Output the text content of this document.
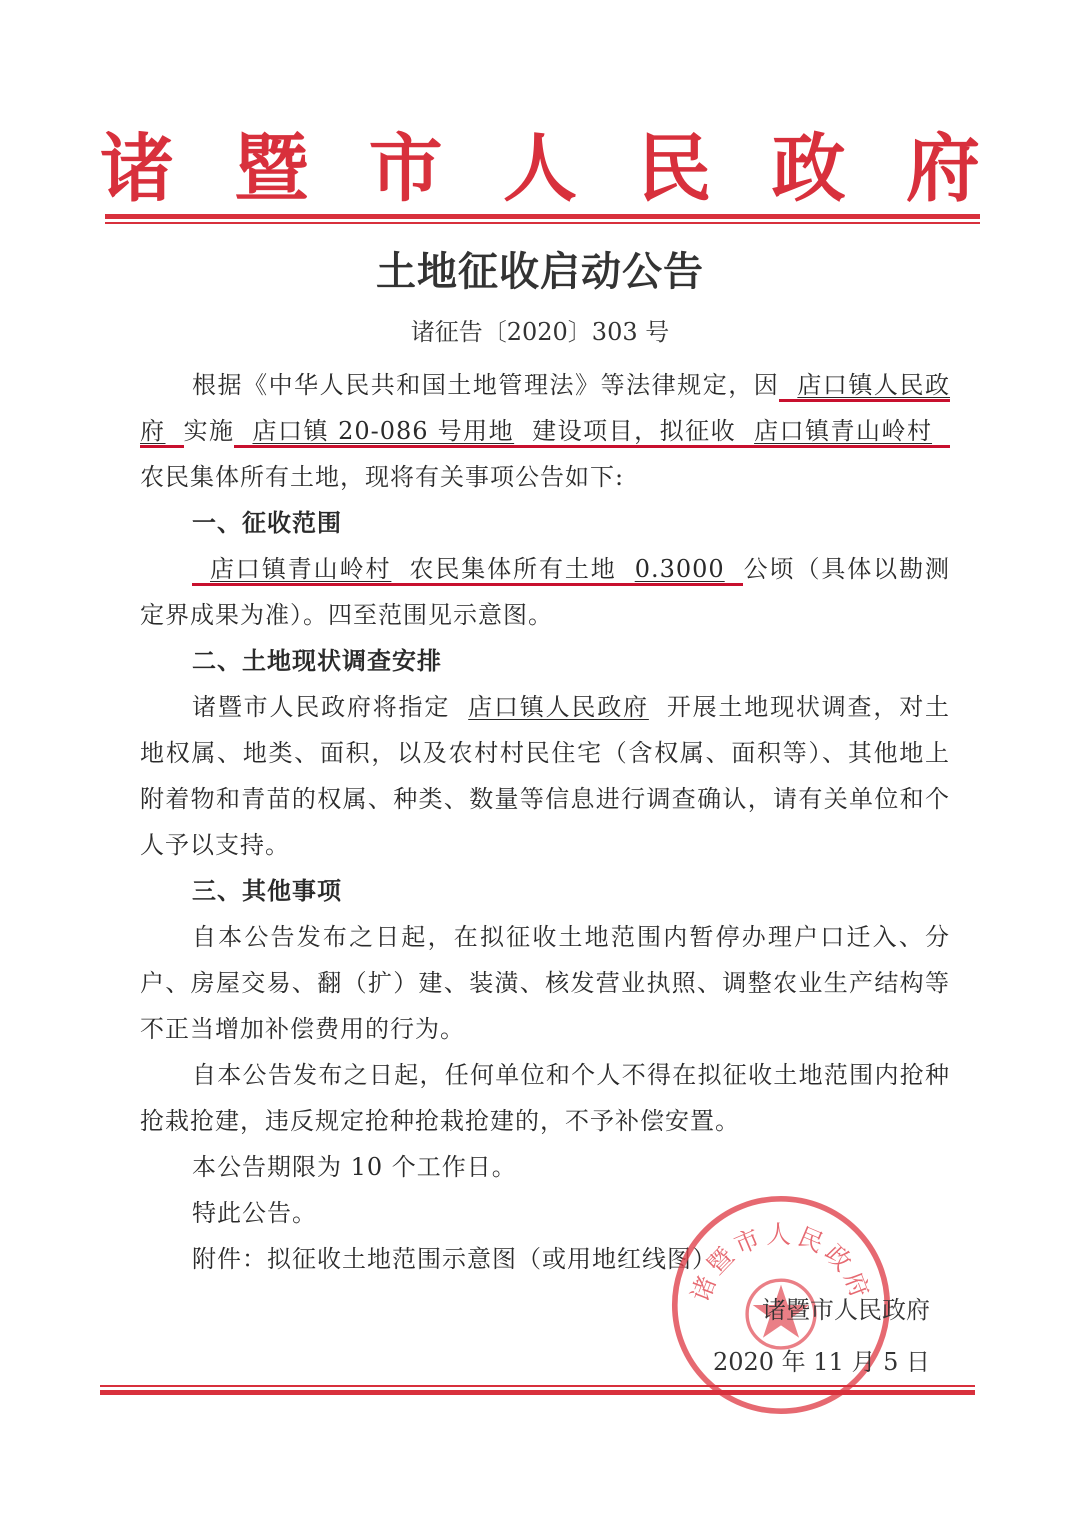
诸 暨 市 人 民 政 府
土地征收启动公告
诸征告〔2020〕303 号

根据《中华人民共和国土地管理法》等法律规定，因 店口镇人民政府 实施 店口镇 20-086 号用地 建设项目，拟征收 店口镇青山岭村农民集体所有土地，现将有关事项公告如下:

一、征收范围

店口镇青山岭村 农民集体所有土地 0.3000 公顷（具体以勘测定界成果为准）。四至范围见示意图。

二、土地现状调查安排

诸暨市人民政府将指定 店口镇人民政府 开展土地现状调查，对土地权属、地类、面积，以及农村村民住宅（含权属、面积等）、其他地上附着物和青苗的权属、种类、数量等信息进行调查确认，请有关单位和个人予以支持。

三、其他事项

自本公告发布之日起，在拟征收土地范围内暂停办理户口迁入、分户、房屋交易、翻（扩）建、装潢、核发营业执照、调整农业生产结构等不正当增加补偿费用的行为。

自本公告发布之日起，任何单位和个人不得在拟征收土地范围内抢种抢栽抢建，违反规定抢种抢栽抢建的，不予补偿安置。

本公告期限为 10 个工作日。

特此公告。

附件：拟征收土地范围示意图（或用地红线图）

诸暨市人民政府
诸暨市人民政府
2020 年 11 月 5 日
